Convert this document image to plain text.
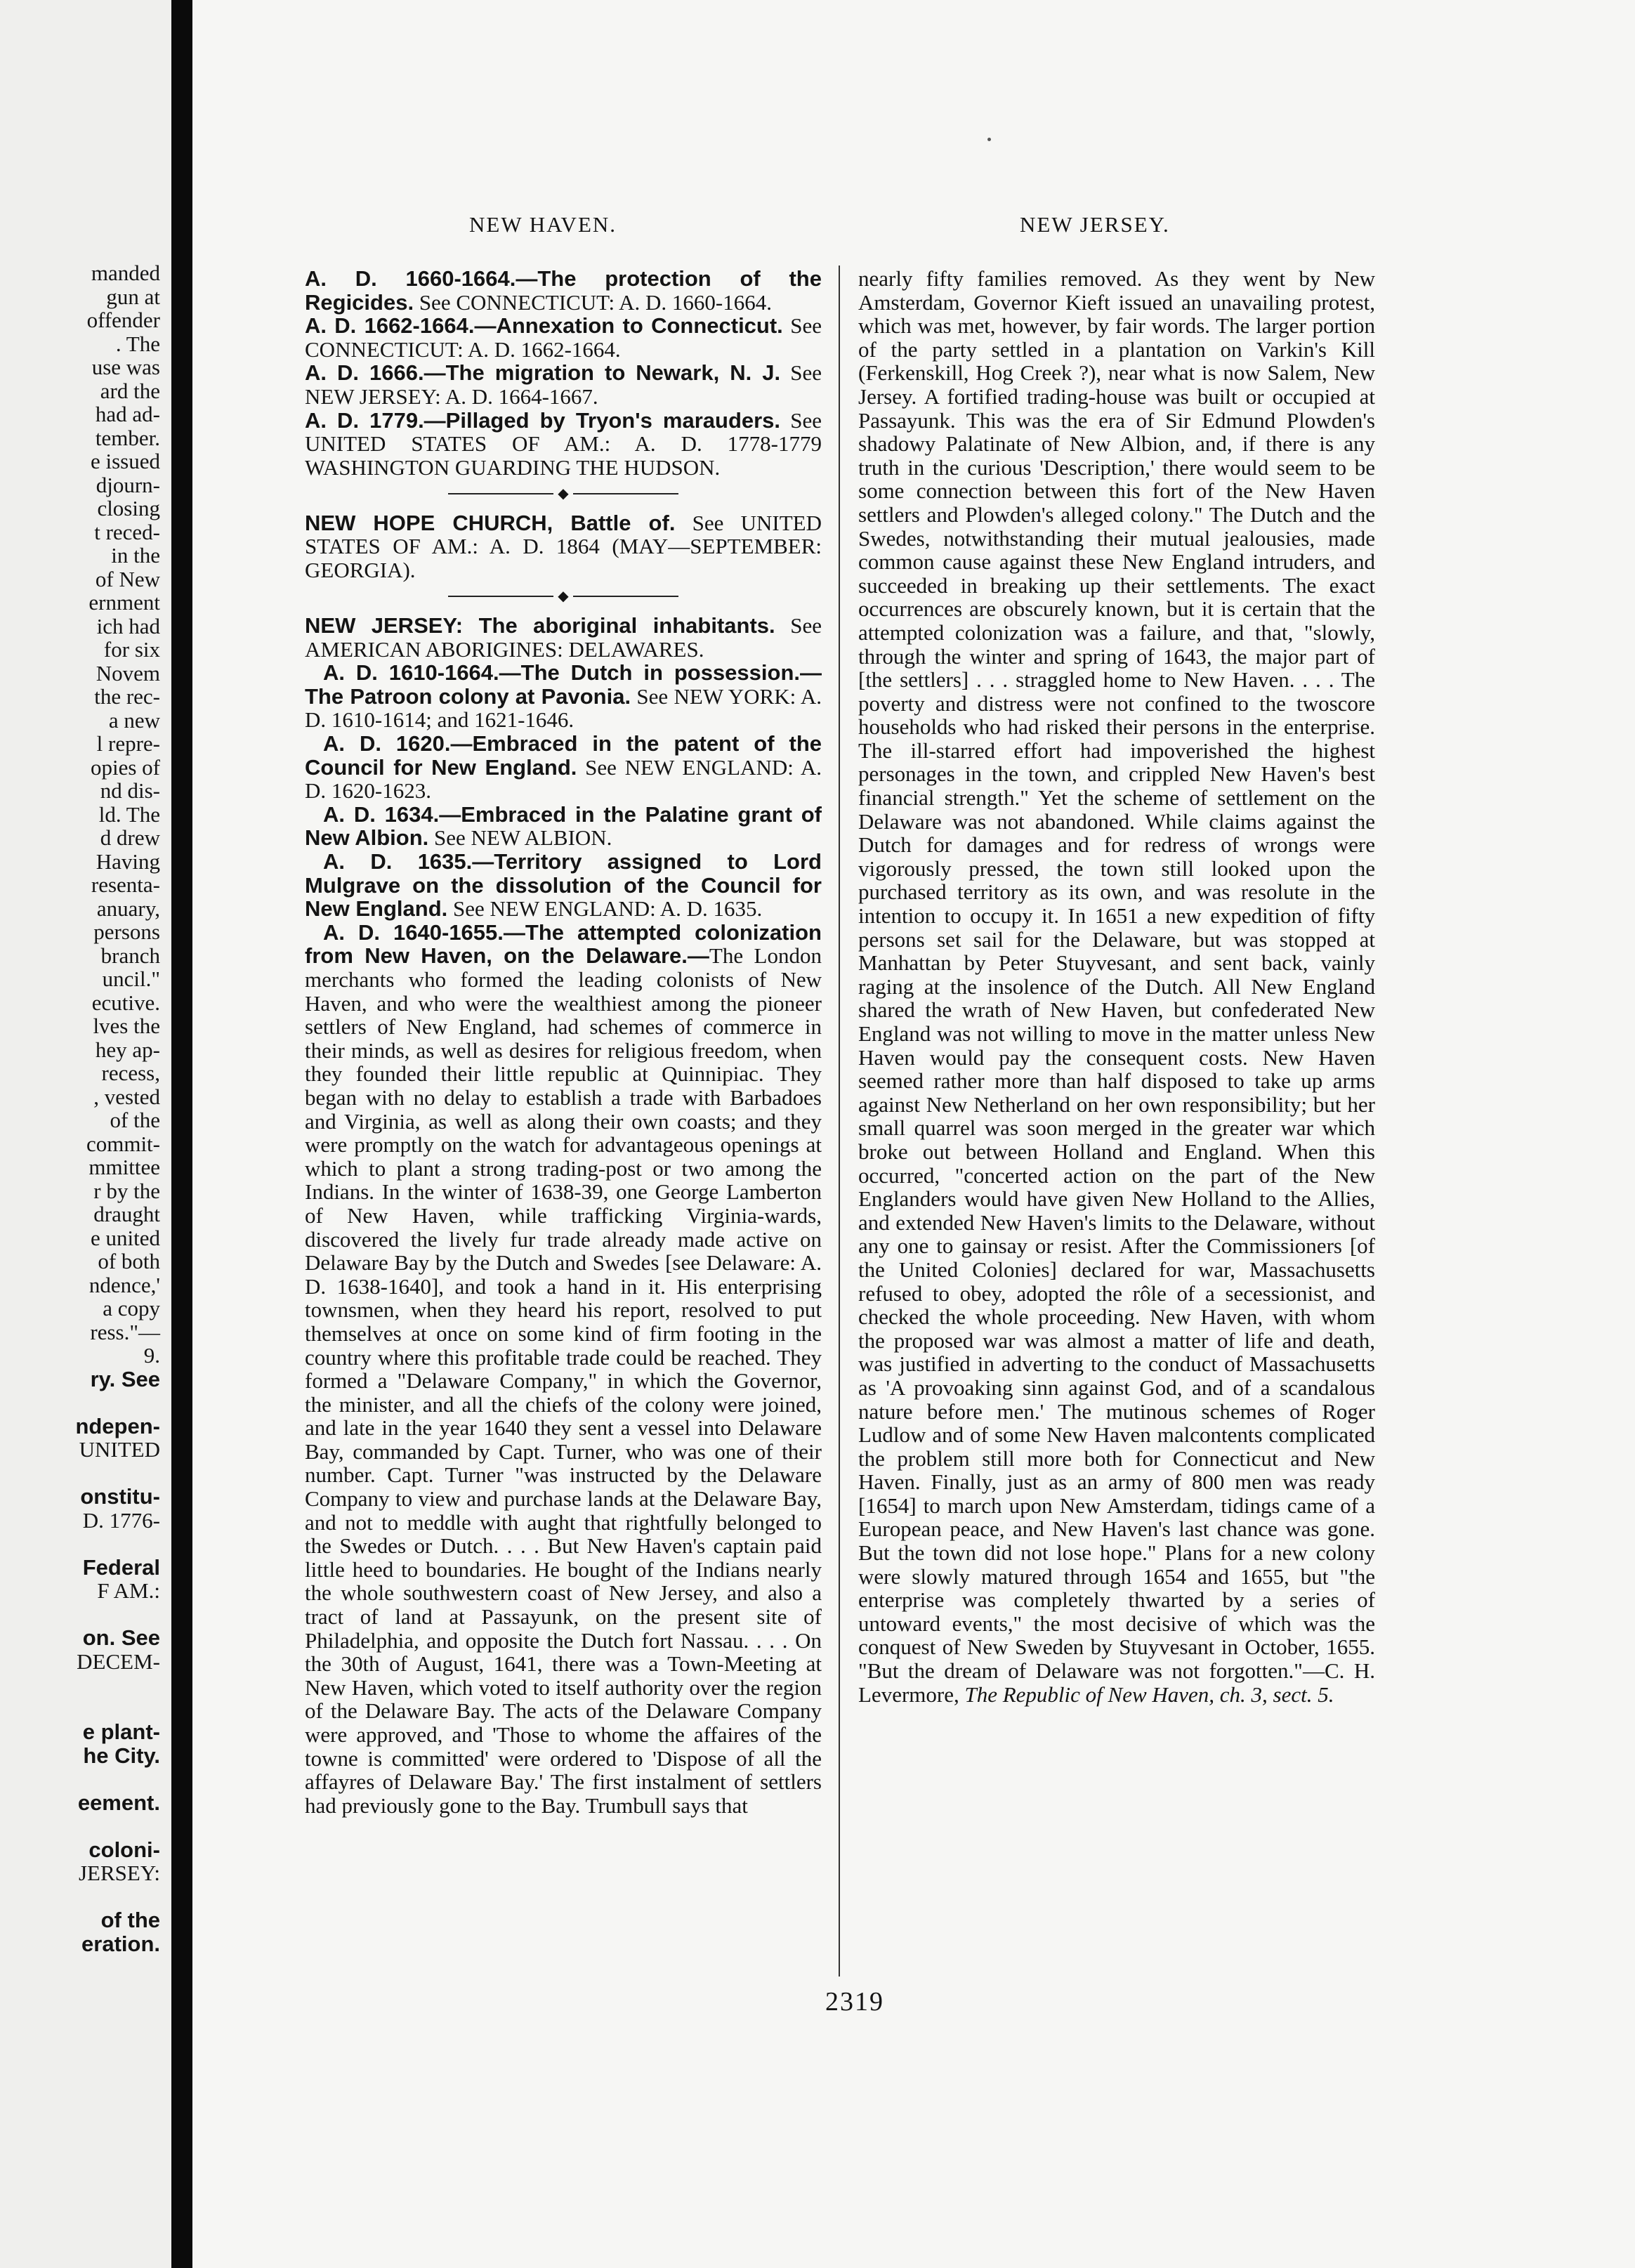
manded
gun at
offender
. The
use was
ard the
had ad-
tember.
e issued
djourn-
closing
t reced-
in the
of New
ernment
ich had
for six
Novem
the rec-
a new
l repre-
opies of
nd dis-
ld. The
d drew
Having
resenta-
anuary,
persons
branch
uncil."
ecutive.
lves the
hey ap-
recess,
, vested
of the
commit-
mmittee
r by the
draught
e united
of both
ndence,'
a copy
ress."—
9.
ry. See
ndepen-
UNITED
onstitu-
D. 1776-
Federal
F AM.:
on. See
DECEM-
e plant-
he City.
eement.
coloni-
JERSEY:
of the
eration.
NEW HAVEN.	NEW JERSEY.

A. D. 1660-1664.—The protection of the Regicides. See CONNECTICUT: A. D. 1660-1664.

A. D. 1662-1664.—Annexation to Connecticut. See CONNECTICUT: A. D. 1662-1664.

A. D. 1666.—The migration to Newark, N. J. See NEW JERSEY: A. D. 1664-1667.

A. D. 1779.—Pillaged by Tryon's marauders. See UNITED STATES OF AM.: A. D. 1778-1779 WASHINGTON GUARDING THE HUDSON.

◆

NEW HOPE CHURCH, Battle of. See UNITED STATES OF AM.: A. D. 1864 (MAY—SEPTEMBER: GEORGIA).

◆

NEW JERSEY: The aboriginal inhabitants. See AMERICAN ABORIGINES: DELAWARES.

A. D. 1610-1664.—The Dutch in possession.—The Patroon colony at Pavonia. See NEW YORK: A. D. 1610-1614; and 1621-1646.

A. D. 1620.—Embraced in the patent of the Council for New England. See NEW ENGLAND: A. D. 1620-1623.

A. D. 1634.—Embraced in the Palatine grant of New Albion. See NEW ALBION.

A. D. 1635.—Territory assigned to Lord Mulgrave on the dissolution of the Council for New England. See NEW ENGLAND: A. D. 1635.

A. D. 1640-1655.—The attempted colonization from New Haven, on the Delaware.—The London merchants who formed the leading colonists of New Haven, and who were the wealthiest among the pioneer settlers of New England, had schemes of commerce in their minds, as well as desires for religious freedom, when they founded their little republic at Quinnipiac. They began with no delay to establish a trade with Barbadoes and Virginia, as well as along their own coasts; and they were promptly on the watch for advantageous openings at which to plant a strong trading-post or two among the Indians. In the winter of 1638-39, one George Lamberton of New Haven, while trafficking Virginia-wards, discovered the lively fur trade already made active on Delaware Bay by the Dutch and Swedes [see Delaware: A. D. 1638-1640], and took a hand in it. His enterprising townsmen, when they heard his report, resolved to put themselves at once on some kind of firm footing in the country where this profitable trade could be reached. They formed a "Delaware Company," in which the Governor, the minister, and all the chiefs of the colony were joined, and late in the year 1640 they sent a vessel into Delaware Bay, commanded by Capt. Turner, who was one of their number. Capt. Turner "was instructed by the Delaware Company to view and purchase lands at the Delaware Bay, and not to meddle with aught that rightfully belonged to the Swedes or Dutch. . . . But New Haven's captain paid little heed to boundaries. He bought of the Indians nearly the whole southwestern coast of New Jersey, and also a tract of land at Passayunk, on the present site of Philadelphia, and opposite the Dutch fort Nassau. . . . On the 30th of August, 1641, there was a Town-Meeting at New Haven, which voted to itself authority over the region of the Delaware Bay. The acts of the Delaware Company were approved, and 'Those to whome the affaires of the towne is committed' were ordered to 'Dispose of all the affayres of Delaware Bay.' The first instalment of settlers had previously gone to the Bay. Trumbull says that

nearly fifty families removed. As they went by New Amsterdam, Governor Kieft issued an unavailing protest, which was met, however, by fair words. The larger portion of the party settled in a plantation on Varkin's Kill (Ferkenskill, Hog Creek ?), near what is now Salem, New Jersey. A fortified trading-house was built or occupied at Passayunk. This was the era of Sir Edmund Plowden's shadowy Palatinate of New Albion, and, if there is any truth in the curious 'Description,' there would seem to be some connection between this fort of the New Haven settlers and Plowden's alleged colony." The Dutch and the Swedes, notwithstanding their mutual jealousies, made common cause against these New England intruders, and succeeded in breaking up their settlements. The exact occurrences are obscurely known, but it is certain that the attempted colonization was a failure, and that, "slowly, through the winter and spring of 1643, the major part of [the settlers] . . . straggled home to New Haven. . . . The poverty and distress were not confined to the twoscore households who had risked their persons in the enterprise. The ill-starred effort had impoverished the highest personages in the town, and crippled New Haven's best financial strength." Yet the scheme of settlement on the Delaware was not abandoned. While claims against the Dutch for damages and for redress of wrongs were vigorously pressed, the town still looked upon the purchased territory as its own, and was resolute in the intention to occupy it. In 1651 a new expedition of fifty persons set sail for the Delaware, but was stopped at Manhattan by Peter Stuyvesant, and sent back, vainly raging at the insolence of the Dutch. All New England shared the wrath of New Haven, but confederated New England was not willing to move in the matter unless New Haven would pay the consequent costs. New Haven seemed rather more than half disposed to take up arms against New Netherland on her own responsibility; but her small quarrel was soon merged in the greater war which broke out between Holland and England. When this occurred, "concerted action on the part of the New Englanders would have given New Holland to the Allies, and extended New Haven's limits to the Delaware, without any one to gainsay or resist. After the Commissioners [of the United Colonies] declared for war, Massachusetts refused to obey, adopted the rôle of a secessionist, and checked the whole proceeding. New Haven, with whom the proposed war was almost a matter of life and death, was justified in adverting to the conduct of Massachusetts as 'A provoaking sinn against God, and of a scandalous nature before men.' The mutinous schemes of Roger Ludlow and of some New Haven malcontents complicated the problem still more both for Connecticut and New Haven. Finally, just as an army of 800 men was ready [1654] to march upon New Amsterdam, tidings came of a European peace, and New Haven's last chance was gone. But the town did not lose hope." Plans for a new colony were slowly matured through 1654 and 1655, but "the enterprise was completely thwarted by a series of untoward events," the most decisive of which was the conquest of New Sweden by Stuyvesant in October, 1655. "But the dream of Delaware was not forgotten."—C. H. Levermore, The Republic of New Haven, ch. 3, sect. 5.

2319
